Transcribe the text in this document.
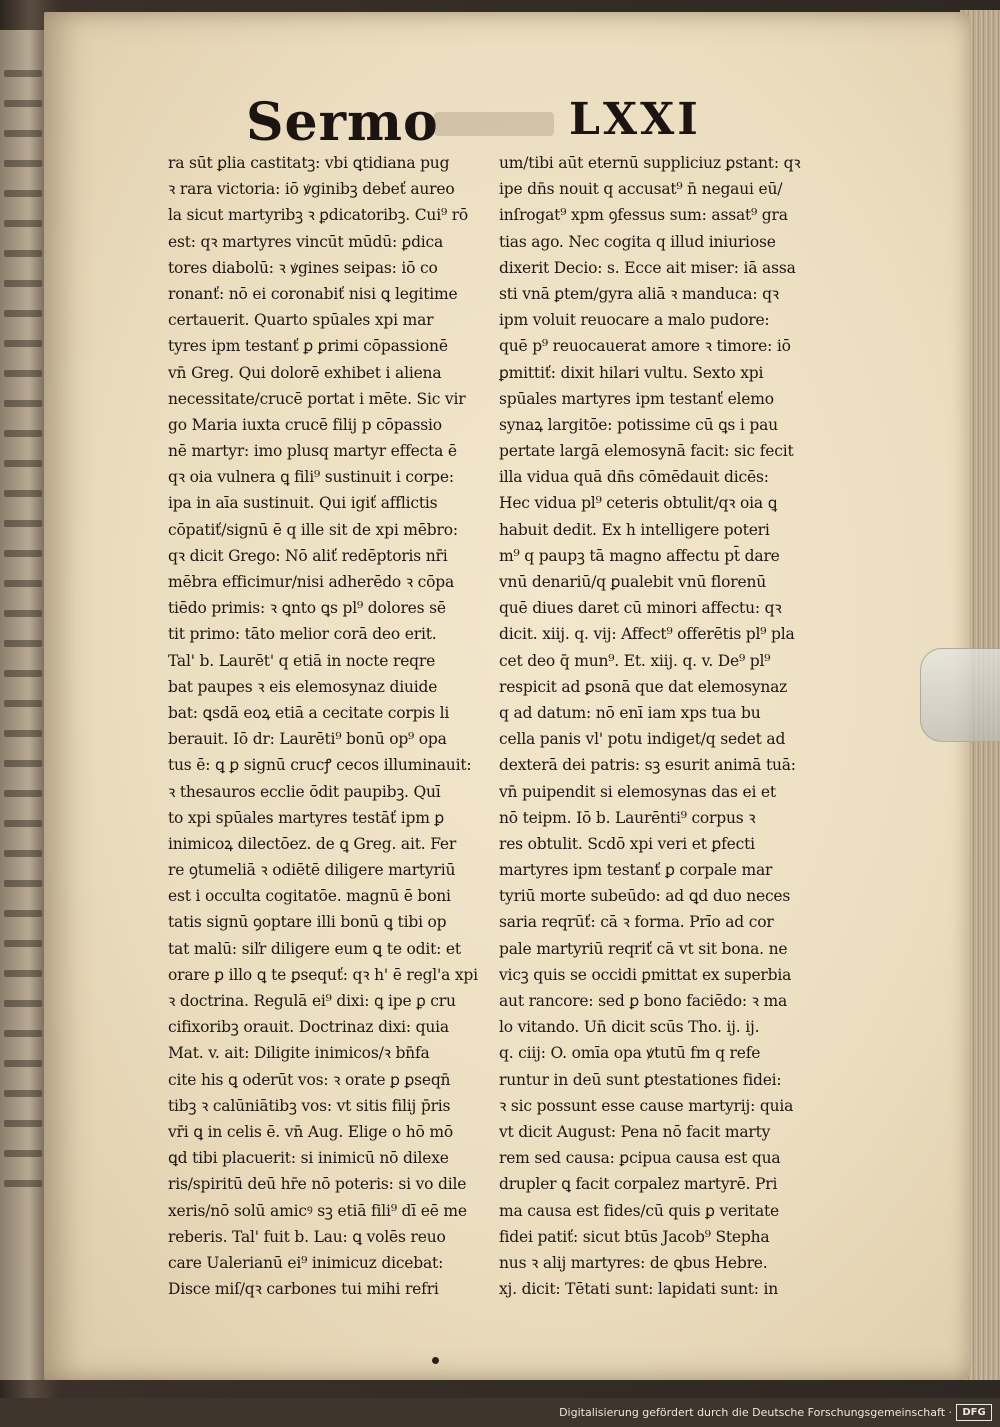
Sermo	LXXI
ra sūt ꝑlia castitatꝫ: vbi ꝗtidiana pug
ꝛ rara victoria: iō ꝟginibꝫ debeť aureo
la sicut martyribꝫ ꝛ ꝑdicatoribꝫ. Cui⁹ rō
est: qꝛ martyres vincūt mūdū: ꝑdica
tores diabolū: ꝛ ꝟgines seipas: iō co
ronanť: nō ei coronabiť nisi ꝗ legitime
certauerit. Quarto spūales xpi mar
tyres ipm testanť ꝑ ꝑrimi cōpassionē
vn̄ Greg. Qui dolorē exhibet i aliena
necessitate/crucē portat i mēte. Sic vir
go Maria iuxta crucē filij p cōpassio
nē martyr: imo plusq martyr effecta ē
qꝛ oia vulnera ꝗ fili⁹ sustinuit i corpe:
ipa in aīa sustinuit. Qui igiť afflictis
cōpatiť/signū ē q ille sit de xpi mēbro:
qꝛ dicit Grego: Nō aliť redēptoris nr̄i
mēbra efficimur/nisi adherēdo ꝛ cōpa
tiēdo primis: ꝛ ꝗnto ꝗs pl⁹ dolores sē
tit primo: tāto melior corā deo erit.
Tal' b. Laurēt' q etiā in nocte reqre
bat paupes ꝛ eis elemosynaz diuide
bat: ꝗsdā eoꝝ etiā a cecitate corpis li
berauit. Iō dr: Laurēti⁹ bonū op⁹ opa
tus ē: ꝗ ꝑ signū crucꝭ cecos illuminauit:
ꝛ thesauros ecclie ōdit paupibꝫ. Quī
to xpi spūales martyres testāť ipm ꝑ
inimicoꝝ dilectōez. de ꝗ Greg. ait. Fer
re ꝯtumeliā ꝛ odiētē diligere martyriū
est i occulta cogitatōe. magnū ē boni
tatis signū ꝯoptare illi bonū ꝗ tibi op
tat malū: siľr diligere eum ꝗ te odit: et
orare ꝑ illo ꝗ te ꝑsequť: qꝛ h' ē regl'a xpi
ꝛ doctrina. Regulā ei⁹ dixi: ꝗ ipe ꝑ cru
cifixoribꝫ orauit. Doctrinaz dixi: quia
Mat. v. ait: Diligite inimicos/ꝛ bn̄fa
cite his ꝗ oderūt vos: ꝛ orate ꝑ ꝑseqn̄
tibꝫ ꝛ calūniātibꝫ vos: vt sitis filij p̄ris
vr̄i ꝗ in celis ē. vn̄ Aug. Elige o hō mō
ꝗd tibi placuerit: si inimicū nō dilexe
ris/spiritū deū hr̄e nō poteris: si vo dile
xeris/nō solū amicꝰ sꝫ etiā fili⁹ dī eē me
reberis. Tal' fuit b. Lau: ꝗ volēs reuo
care Ualerianū ei⁹ inimicuz dicebat:
Disce miſ/qꝛ carbones tui mihi refri
um/tibi aūt eternū suppliciuz ꝑstant: qꝛ
ipe dn̄s nouit q accusat⁹ n̄ negaui eū/
inſrogat⁹ xpm ꝯfessus sum: assat⁹ gra
tias ago. Nec cogita q illud iniuriose
dixerit Decio: s. Ecce ait miser: iā assa
sti vnā ꝑtem/gyra aliā ꝛ manduca: qꝛ
ipm voluit reuocare a malo pudore:
quē p⁹ reuocauerat amore ꝛ timore: iō
ꝑmittiť: dixit hilari vultu. Sexto xpi
spūales martyres ipm testanť elemo
synaꝝ largitōe: potissime cū ꝗs i pau
pertate largā elemosynā facit: sic fecit
illa vidua quā dn̄s cōmēdauit dicēs:
Hec vidua pl⁹ ceteris obtulit/qꝛ oia ꝗ
habuit dedit. Ex h intelligere poteri
m⁹ q paupꝫ tā magno affectu pt̄ dare
vnū denariū/q ꝑualebit vnū florenū
quē diues daret cū minori affectu: qꝛ
dicit. xiij. q. vij: Affect⁹ offerētis pl⁹ pla
cet deo q̄ mun⁹. Et. xiij. q. v. De⁹ pl⁹
respicit ad ꝑsonā que dat elemosynaz
q ad datum: nō enī iam xps tua bu
cella panis vl' potu indiget/q sedet ad
dexterā dei patris: sꝫ esurit animā tuā:
vn̄ puipendit si elemosynas das ei et
nō teipm. Iō b. Laurēnti⁹ corpus ꝛ
res obtulit. Scdō xpi veri et ꝑfecti
martyres ipm testanť ꝑ corpale mar
tyriū morte subeūdo: ad ꝗd duo neces
saria reqrūť: cā ꝛ forma. Prīo ad cor
pale martyriū reqriť cā vt sit bona. ne
vicꝫ quis se occidi ꝑmittat ex superbia
aut rancore: sed ꝑ bono faciēdo: ꝛ ma
lo vitando. Un̄ dicit scūs Tho. ij. ij.
q. ciij: O. omīa opa ꝟtutū fm q refe
runtur in deū sunt ꝑtestationes fidei:
ꝛ sic possunt esse cause martyrij: quia
vt dicit August: Pena nō facit marty
rem sed causa: ꝑcipua causa est qua
drupler ꝗ facit corpalez martyrē. Pri
ma causa est fides/cū quis ꝑ veritate
fidei patiť: sicut btūs Jacob⁹ Stepha
nus ꝛ alij martyres: de ꝗbus Hebre.
xj. dicit: Tētati sunt: lapidati sunt: in
Digitalisierung gefördert durch die Deutsche Forschungsgemeinschaft ·	DFG
